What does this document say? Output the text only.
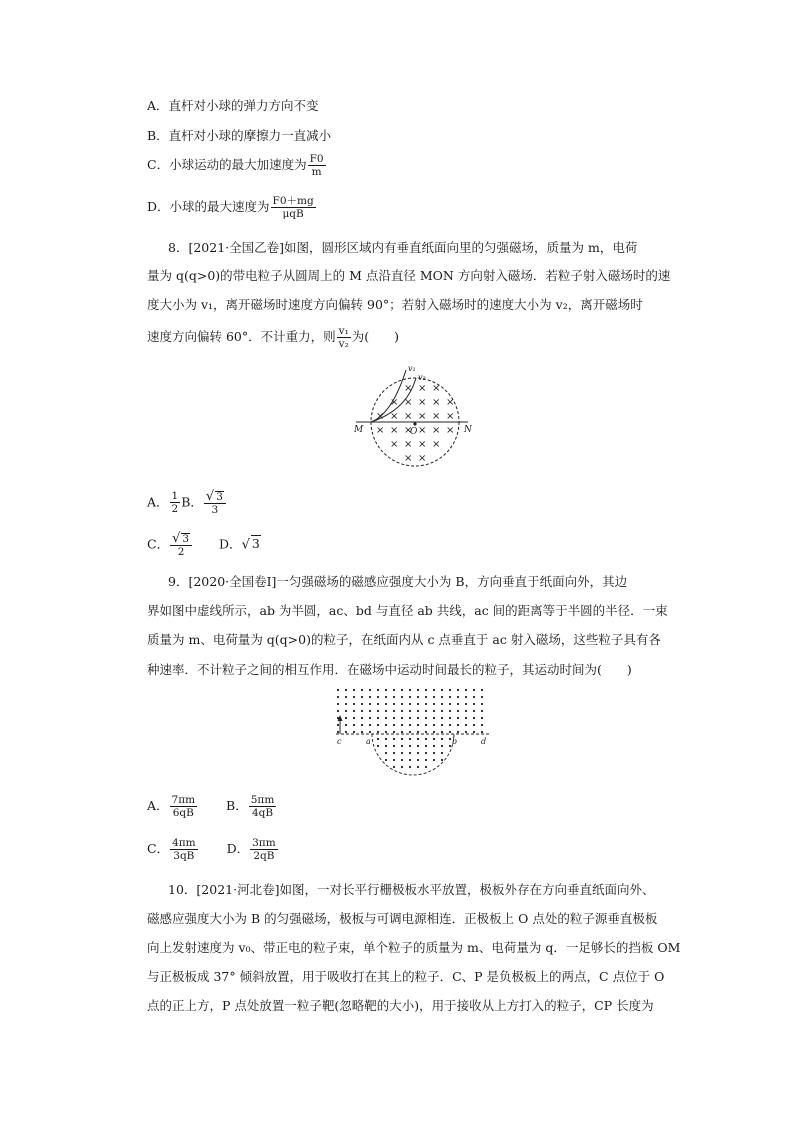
A．直杆对小球的弹力方向不变
B．直杆对小球的摩擦力一直减小
C．小球运动的最大加速度为 $\frac{F0}{m}$
D．小球的最大速度为 $\frac{F0+mg}{\text{μqB}}$
8．[2021·全国乙卷]如图，圆形区域内有垂直纸面向里的匀强磁场，质量为 m，电荷
量为 q(q>0)的带电粒子从圆周上的 M 点沿直径 MON 方向射入磁场．若粒子射入磁场时的速
度大小为 v₁，离开磁场时速度方向偏转 90°；若射入磁场时的速度大小为 v₂，离开磁场时
速度方向偏转 60°．不计重力，则 $\frac{\text{v₁}}{\text{v₂}}$ 为(　　)
× × ×
× × × × ×
× × × × × ×
× × × × × ×
× × × ×
× ×
M	O	N
v₁
v₂
A． $\frac{1}{2}$ B． $\frac{√ 3}{3}$
C． $\frac{√ 3}{2}$ D．√ 3
9．[2020·全国卷Ⅰ]一匀强磁场的磁感应强度大小为 B，方向垂直于纸面向外，其边
界如图中虚线所示，ab 为半圆，ac、bd 与直径 ab 共线，ac 间的距离等于半圆的半径．一束
质量为 m、电荷量为 q(q>0)的粒子，在纸面内从 c 点垂直于 ac 射入磁场，这些粒子具有各
种速率．不计粒子之间的相互作用．在磁场中运动时间最长的粒子，其运动时间为(　　)
c	a	b	d
A． $\frac{7\pi m}{6qB}$ B． $\frac{5\pi m}{4qB}$
C． $\frac{4\pi m}{3qB}$ D． $\frac{3\pi m}{2qB}$
10．[2021·河北卷]如图，一对长平行栅极板水平放置，极板外存在方向垂直纸面向外、
磁感应强度大小为 B 的匀强磁场，极板与可调电源相连．正极板上 O 点处的粒子源垂直极板
向上发射速度为 v₀、带正电的粒子束，单个粒子的质量为 m、电荷量为 q．一足够长的挡板 OM
与正极板成 37° 倾斜放置，用于吸收打在其上的粒子．C、P 是负极板上的两点，C 点位于 O
点的正上方，P 点处放置一粒子靶(忽略靶的大小)，用于接收从上方打入的粒子，CP 长度为
